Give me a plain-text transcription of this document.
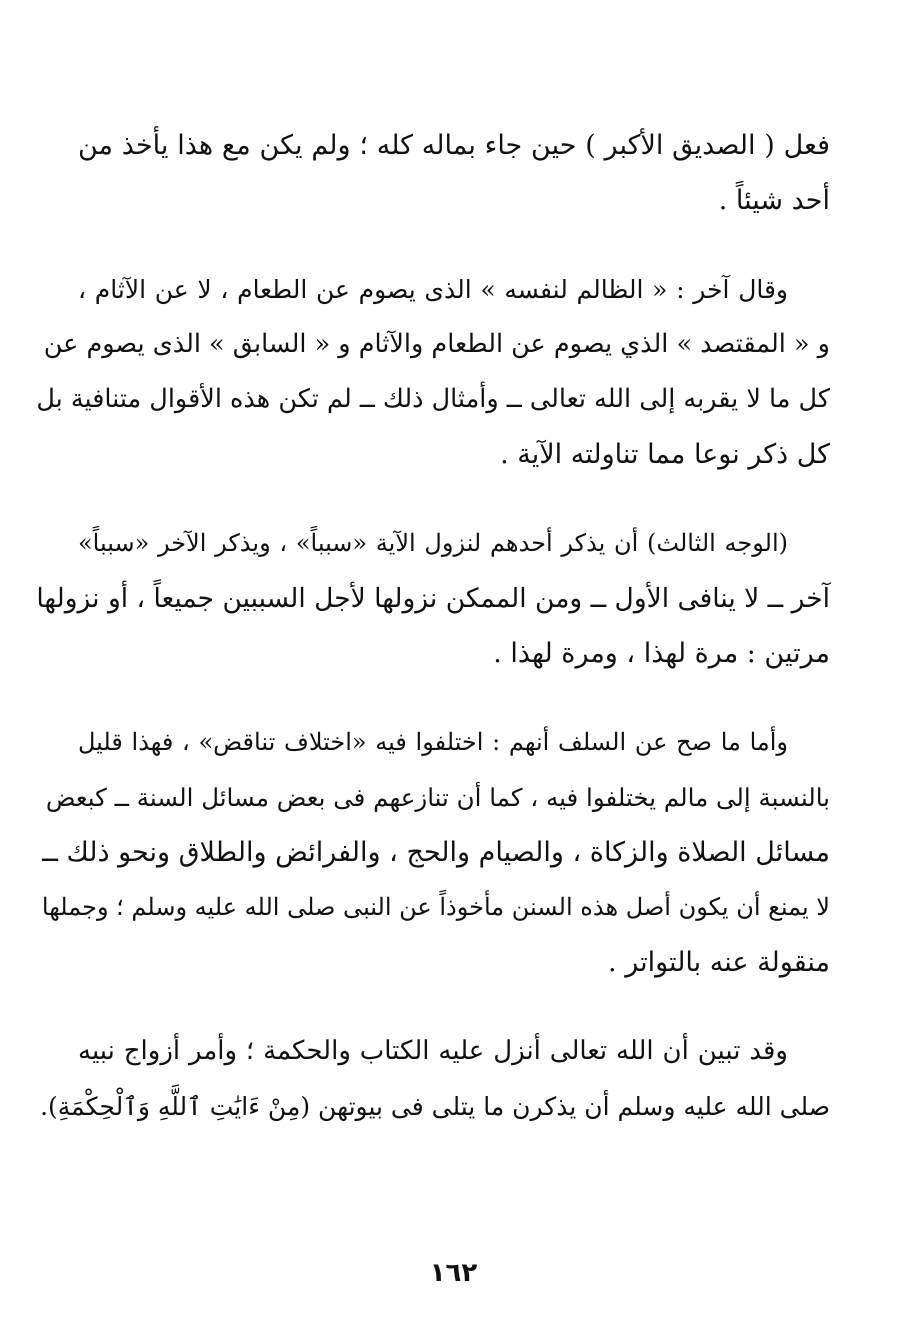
فعل ( الصديق الأكبر ) حين جاء بماله كله ؛ ولم يكن مع هذا يأخذ من
أحد شيئاً .
وقال آخر : « الظالم لنفسه » الذى يصوم عن الطعام ، لا عن الآثام ،
و « المقتصد » الذي يصوم عن الطعام والآثام و « السابق » الذى يصوم عن
كل ما لا يقربه إلى الله تعالى ــ وأمثال ذلك ــ لم تكن هذه الأقوال متنافية بل
كل ذكر نوعا مما تناولته الآية .
(الوجه الثالث) أن يذكر أحدهم لنزول الآية «سبباً» ، ويذكر الآخر «سبباً»
آخر ــ لا ينافى الأول ــ ومن الممكن نزولها لأجل السببين جميعاً ، أو نزولها
مرتين : مرة لهذا ، ومرة لهذا .
وأما ما صح عن السلف أنهم : اختلفوا فيه «اختلاف تناقض» ، فهذا قليل
بالنسبة إلى مالم يختلفوا فيه ، كما أن تنازعهم فى بعض مسائل السنة ــ كبعض
مسائل الصلاة والزكاة ، والصيام والحج ، والفرائض والطلاق ونحو ذلك ــ
لا يمنع أن يكون أصل هذه السنن مأخوذاً عن النبى صلى الله عليه وسلم ؛ وجملها
منقولة عنه بالتواتر .
وقد تبين أن الله تعالى أنزل عليه الكتاب والحكمة ؛ وأمر أزواج نبيه
صلى الله عليه وسلم أن يذكرن ما يتلى فى بيوتهن (مِنْ ءَايَٰتِ ٱللَّهِ وَٱلْحِكْمَةِ).
١٦٢
